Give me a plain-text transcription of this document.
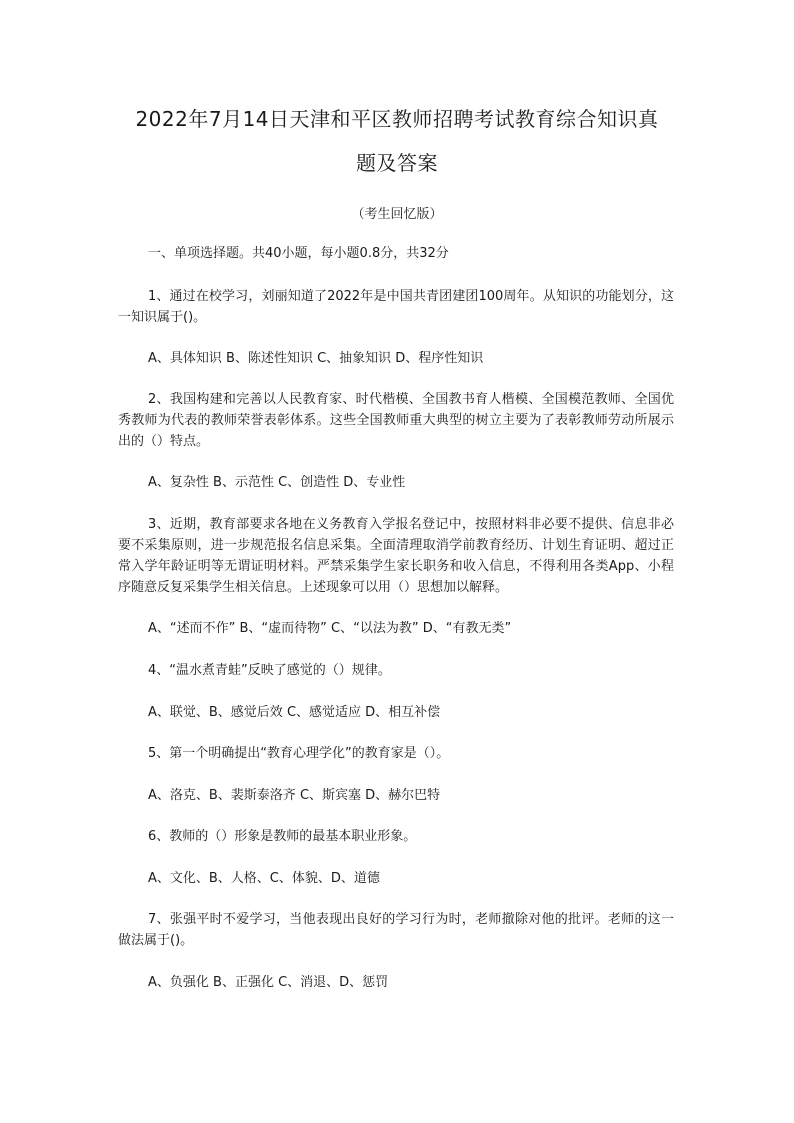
2022年7月14日天津和平区教师招聘考试教育综合知识真
题及答案

（考生回忆版）

一、单项选择题。共40小题，每小题0.8分，共32分

1、通过在校学习，刘丽知道了2022年是中国共青团建团100周年。从知识的功能划分，这一知识属于()。

A、具体知识 B、陈述性知识 C、抽象知识 D、程序性知识

2、我国构建和完善以人民教育家、时代楷模、全国教书育人楷模、全国模范教师、全国优秀教师为代表的教师荣誉表彰体系。这些全国教师重大典型的树立主要为了表彰教师劳动所展示出的（）特点。

A、复杂性 B、示范性 C、创造性 D、专业性

3、近期，教育部要求各地在义务教育入学报名登记中，按照材料非必要不提供、信息非必要不采集原则，进一步规范报名信息采集。全面清理取消学前教育经历、计划生育证明、超过正常入学年龄证明等无谓证明材料。严禁采集学生家长职务和收入信息，不得利用各类App、小程序随意反复采集学生相关信息。上述现象可以用（）思想加以解释。

A、“述而不作” B、“虚而待物” C、“以法为教” D、“有教无类”

4、“温水煮青蛙”反映了感觉的（）规律。

A、联觉、B、感觉后效 C、感觉适应 D、相互补偿

5、第一个明确提出“教育心理学化”的教育家是（）。

A、洛克、B、裴斯泰洛齐 C、斯宾塞 D、赫尔巴特

6、教师的（）形象是教师的最基本职业形象。

A、文化、B、人格、C、体貌、D、道德

7、张强平时不爱学习，当他表现出良好的学习行为时，老师撤除对他的批评。老师的这一做法属于()。

A、负强化 B、正强化 C、消退、D、惩罚
